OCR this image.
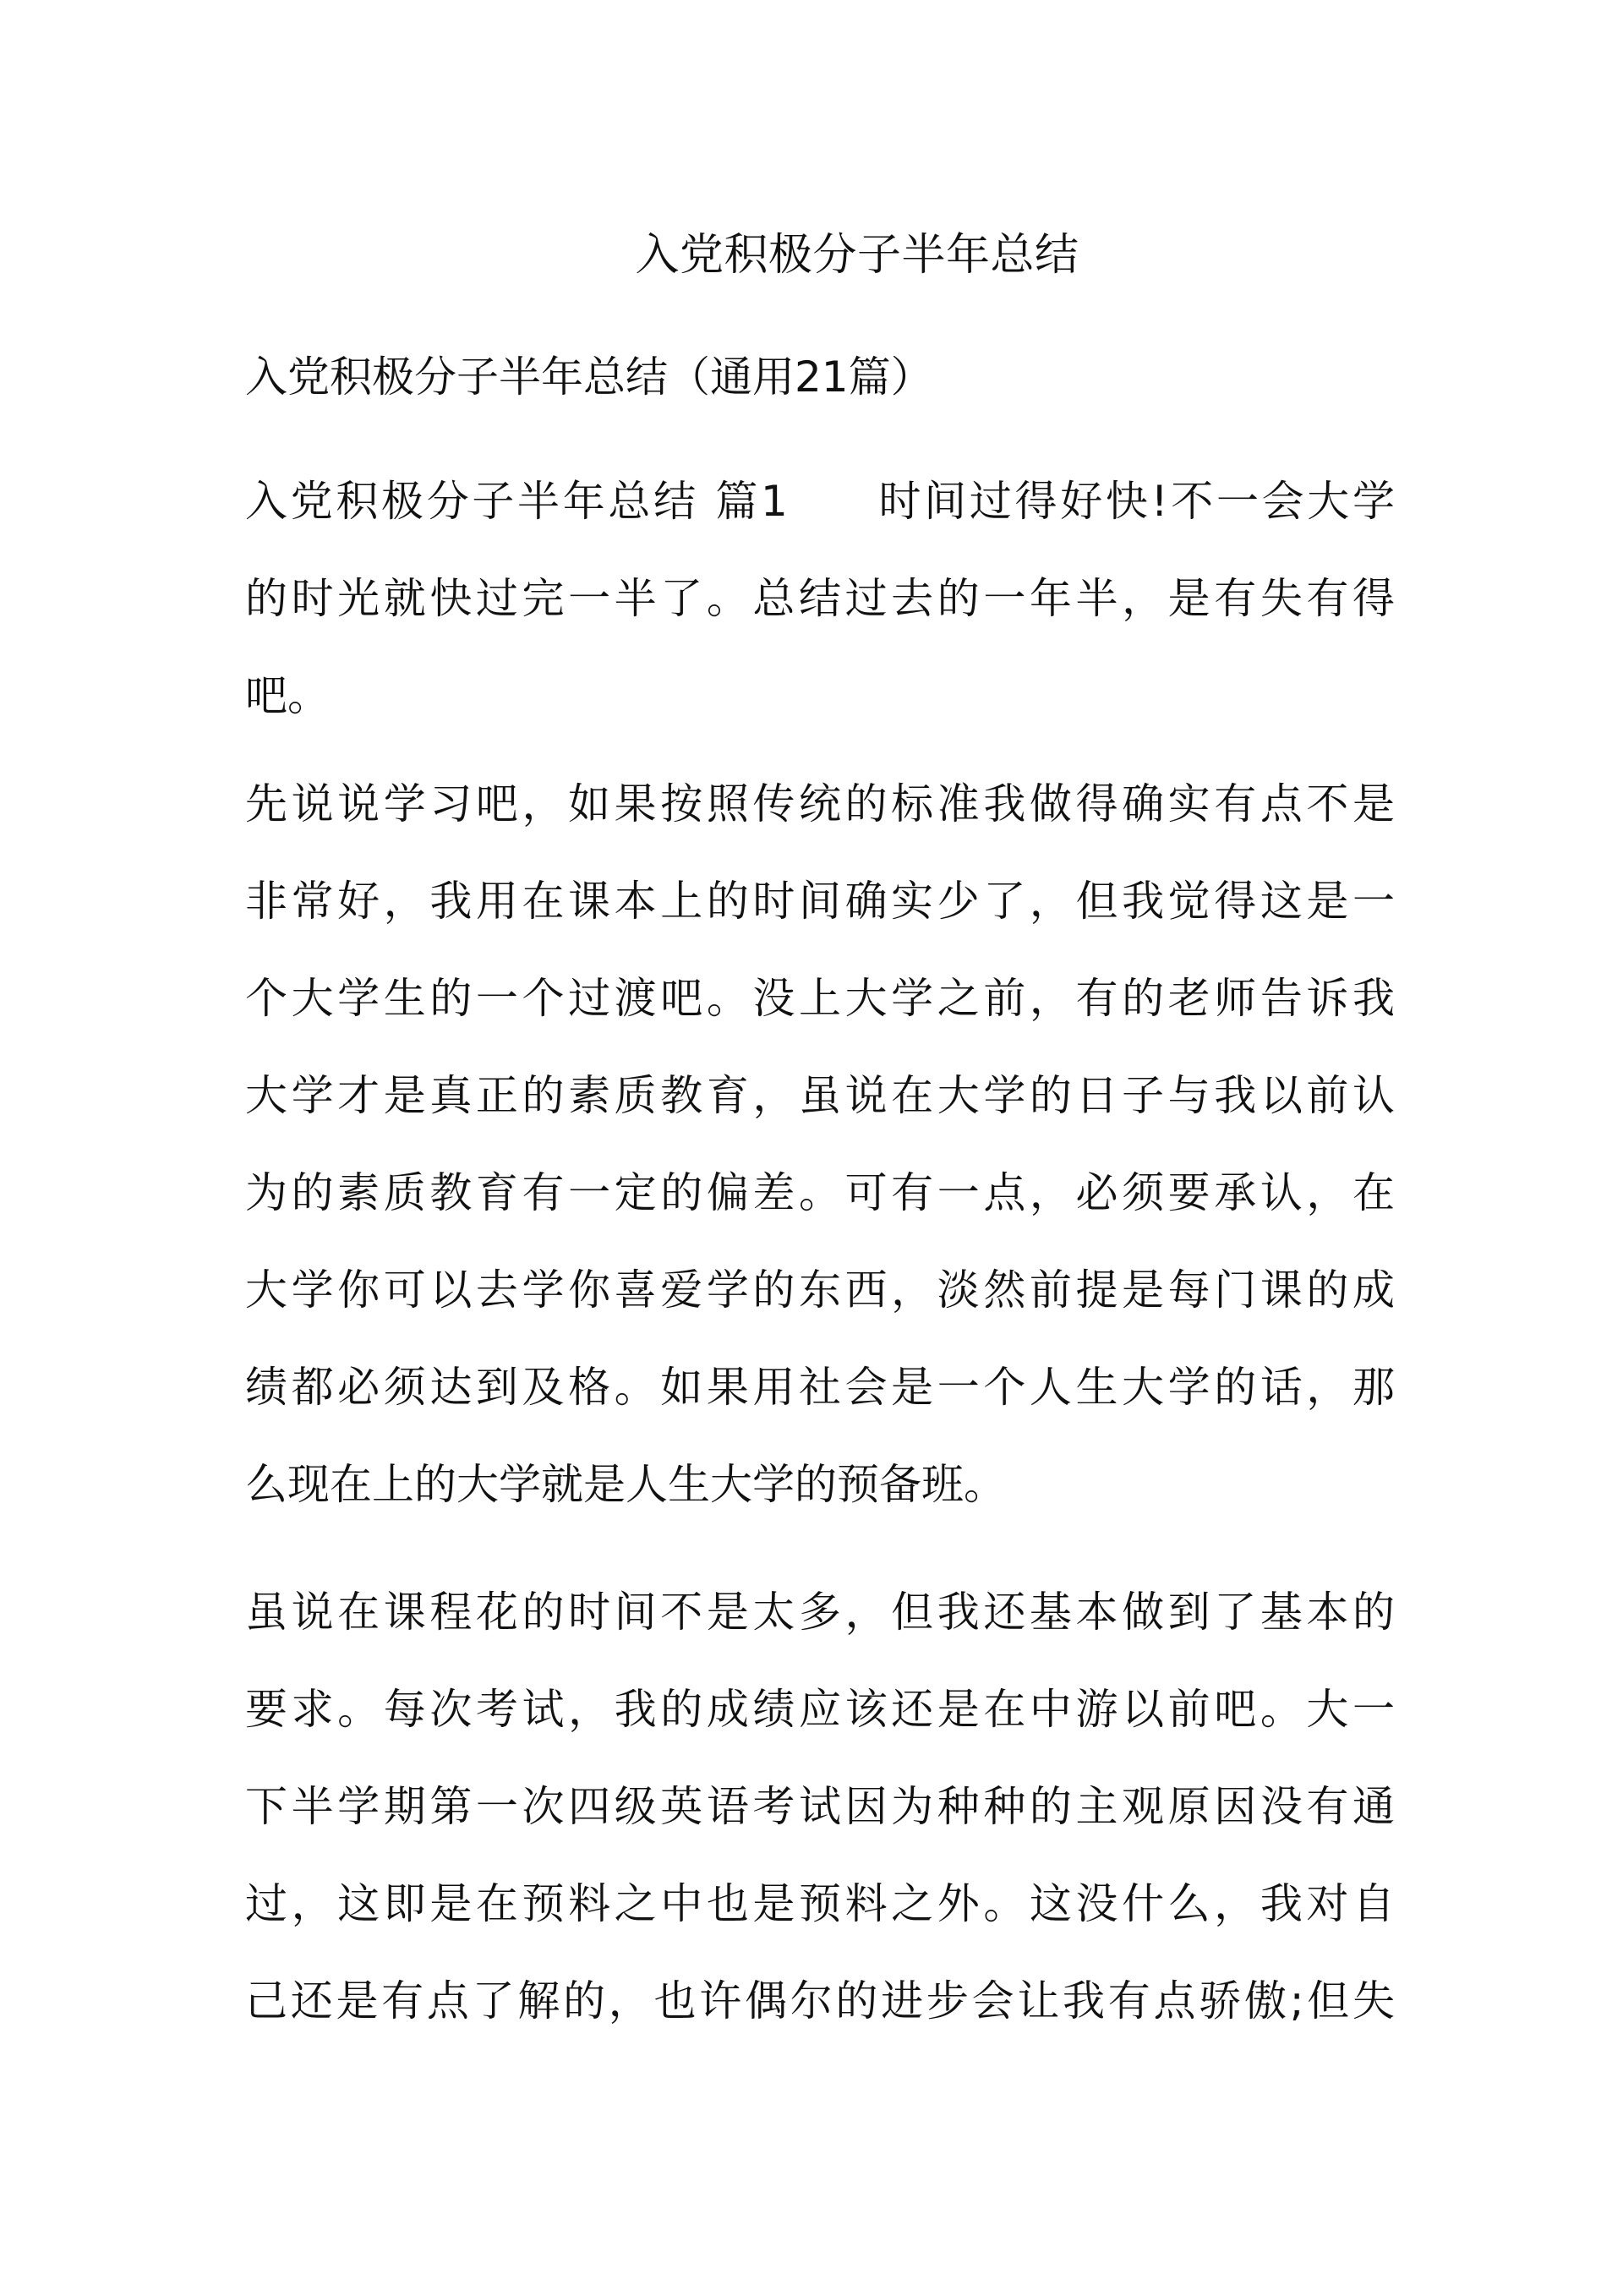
入党积极分子半年总结

入党积极分子半年总结（通用21篇）

入党积极分子半年总结 篇1 时间过得好快!不一会大学
的时光就快过完一半了。总结过去的一年半，是有失有得
吧。
先说说学习吧，如果按照传统的标准我做得确实有点不是
非常好，我用在课本上的时间确实少了，但我觉得这是一
个大学生的一个过渡吧。没上大学之前，有的老师告诉我
大学才是真正的素质教育，虽说在大学的日子与我以前认
为的素质教育有一定的偏差。可有一点，必须要承认，在
大学你可以去学你喜爱学的东西，淡然前提是每门课的成
绩都必须达到及格。如果用社会是一个人生大学的话，那
么现在上的大学就是人生大学的预备班。
虽说在课程花的时间不是太多，但我还基本做到了基本的
要求。每次考试，我的成绩应该还是在中游以前吧。大一
下半学期第一次四级英语考试因为种种的主观原因没有通
过，这即是在预料之中也是预料之外。这没什么，我对自
己还是有点了解的，也许偶尔的进步会让我有点骄傲;但失
